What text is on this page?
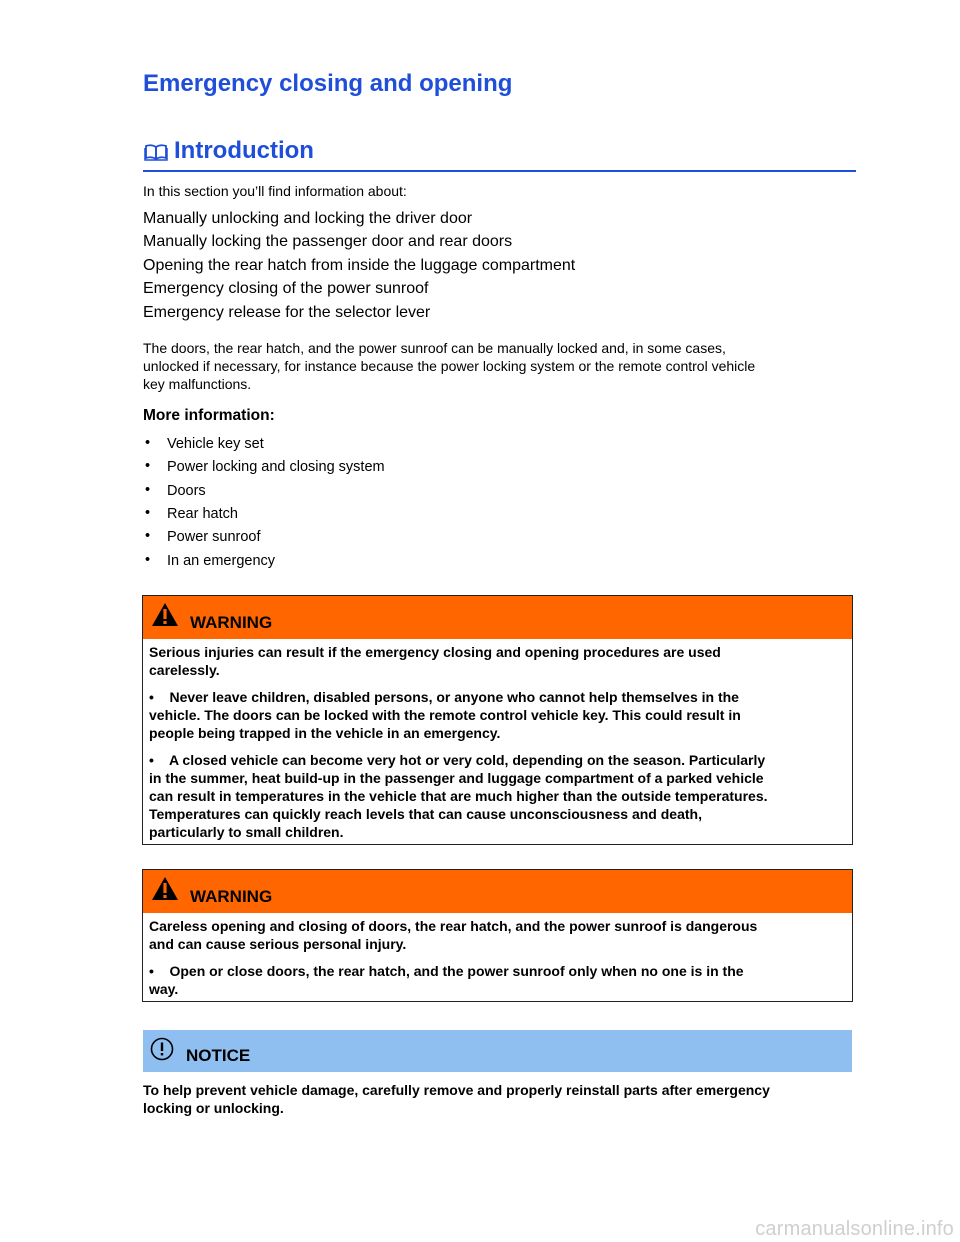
Emergency closing and opening
Introduction
In this section you’ll find information about:
Manually unlocking and locking the driver door
Manually locking the passenger door and rear doors
Opening the rear hatch from inside the luggage compartment
Emergency closing of the power sunroof
Emergency release for the selector lever
The doors, the rear hatch, and the power sunroof can be manually locked and, in some cases,
unlocked if necessary, for instance because the power locking system or the remote control vehicle
key malfunctions.
More information:
• Vehicle key set
• Power locking and closing system
• Doors
• Rear hatch
• Power sunroof
• In an emergency
WARNING

Serious injuries can result if the emergency closing and opening procedures are used
carelessly.

•    Never leave children, disabled persons, or anyone who cannot help themselves in the
vehicle. The doors can be locked with the remote control vehicle key. This could result in
people being trapped in the vehicle in an emergency.

•    A closed vehicle can become very hot or very cold, depending on the season. Particularly
in the summer, heat build-up in the passenger and luggage compartment of a parked vehicle
can result in temperatures in the vehicle that are much higher than the outside temperatures.
Temperatures can quickly reach levels that can cause unconsciousness and death,
particularly to small children.

WARNING

Careless opening and closing of doors, the rear hatch, and the power sunroof is dangerous
and can cause serious personal injury.

•    Open or close doors, the rear hatch, and the power sunroof only when no one is in the
way.

NOTICE
To help prevent vehicle damage, carefully remove and properly reinstall parts after emergency
locking or unlocking.
carmanualsonline.info
